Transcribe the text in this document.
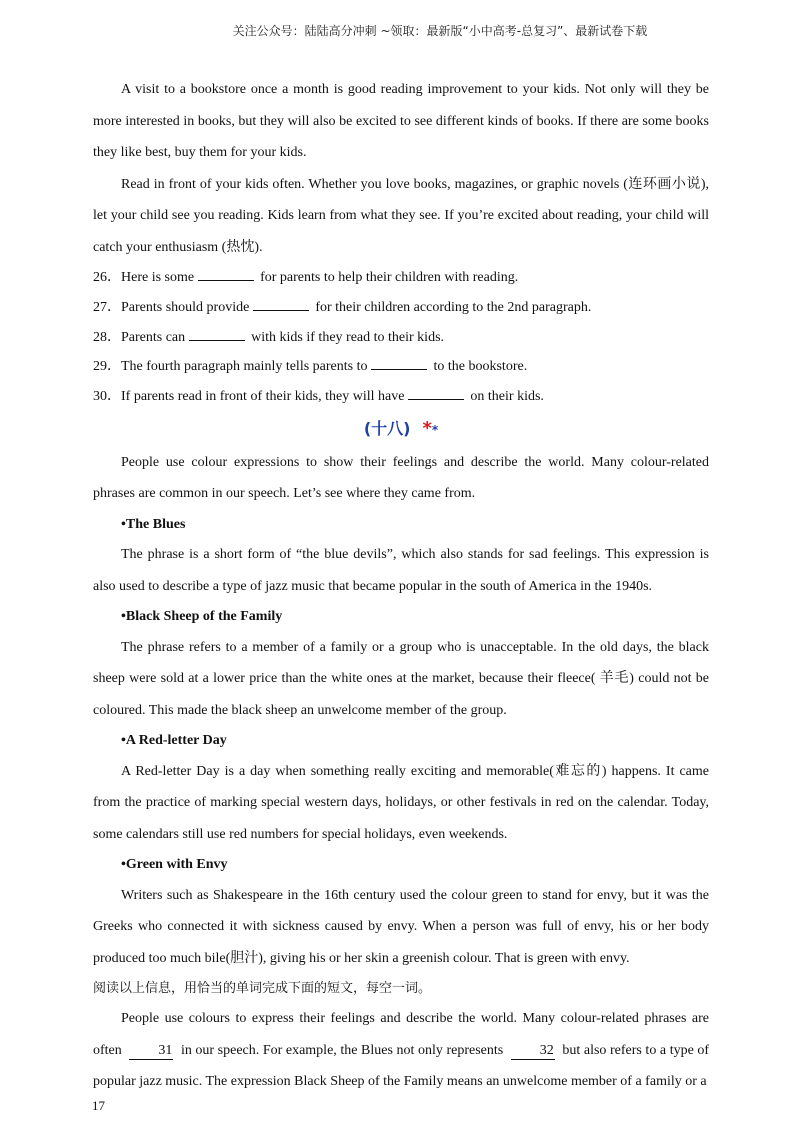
关注公众号：陆陆高分冲刺 ~领取：最新版“小中高考-总复习”、最新试卷下载

A visit to a bookstore once a month is good reading improvement to your kids. Not only will they be more interested in books, but they will also be excited to see different kinds of books. If there are some books they like best, buy them for your kids.

Read in front of your kids often. Whether you love books, magazines, or graphic novels (连环画小说), let your child see you reading. Kids learn from what they see. If you’re excited about reading, your child will catch your enthusiasm (热忱).

26．Here is some	for parents to help their children with reading.

27．Parents should provide	for their children according to the 2nd paragraph.

28．Parents can	with kids if they read to their kids.

29．The fourth paragraph mainly tells parents to	to the bookstore.

30．If parents read in front of their kids, they will have	on their kids.

(十八) **

People use colour expressions to show their feelings and describe the world. Many colour-related phrases are common in our speech. Let’s see where they came from.

•The Blues

The phrase is a short form of “the blue devils”, which also stands for sad feelings. This expression is also used to describe a type of jazz music that became popular in the south of America in the 1940s.

•Black Sheep of the Family

The phrase refers to a member of a family or a group who is unacceptable. In the old days, the black sheep were sold at a lower price than the white ones at the market, because their fleece( 羊毛) could not be coloured. This made the black sheep an unwelcome member of the group.

•A Red-letter Day

A Red-letter Day is a day when something really exciting and memorable(难忘的) happens. It came from the practice of marking special western days, holidays, or other festivals in red on the calendar. Today, some calendars still use red numbers for special holidays, even weekends.

•Green with Envy

Writers such as Shakespeare in the 16th century used the colour green to stand for envy, but it was the Greeks who connected it with sickness caused by envy. When a person was full of envy, his or her body produced too much bile(胆汁), giving his or her skin a greenish colour. That is green with envy.

阅读以上信息，用恰当的单词完成下面的短文，每空一词。

People use colours to express their feelings and describe the world. Many colour-related phrases are often	31 in our speech. For example, the Blues not only represents	32 but also refers to a type of popular jazz music. The expression Black Sheep of the Family means an unwelcome member of a family or a

17
